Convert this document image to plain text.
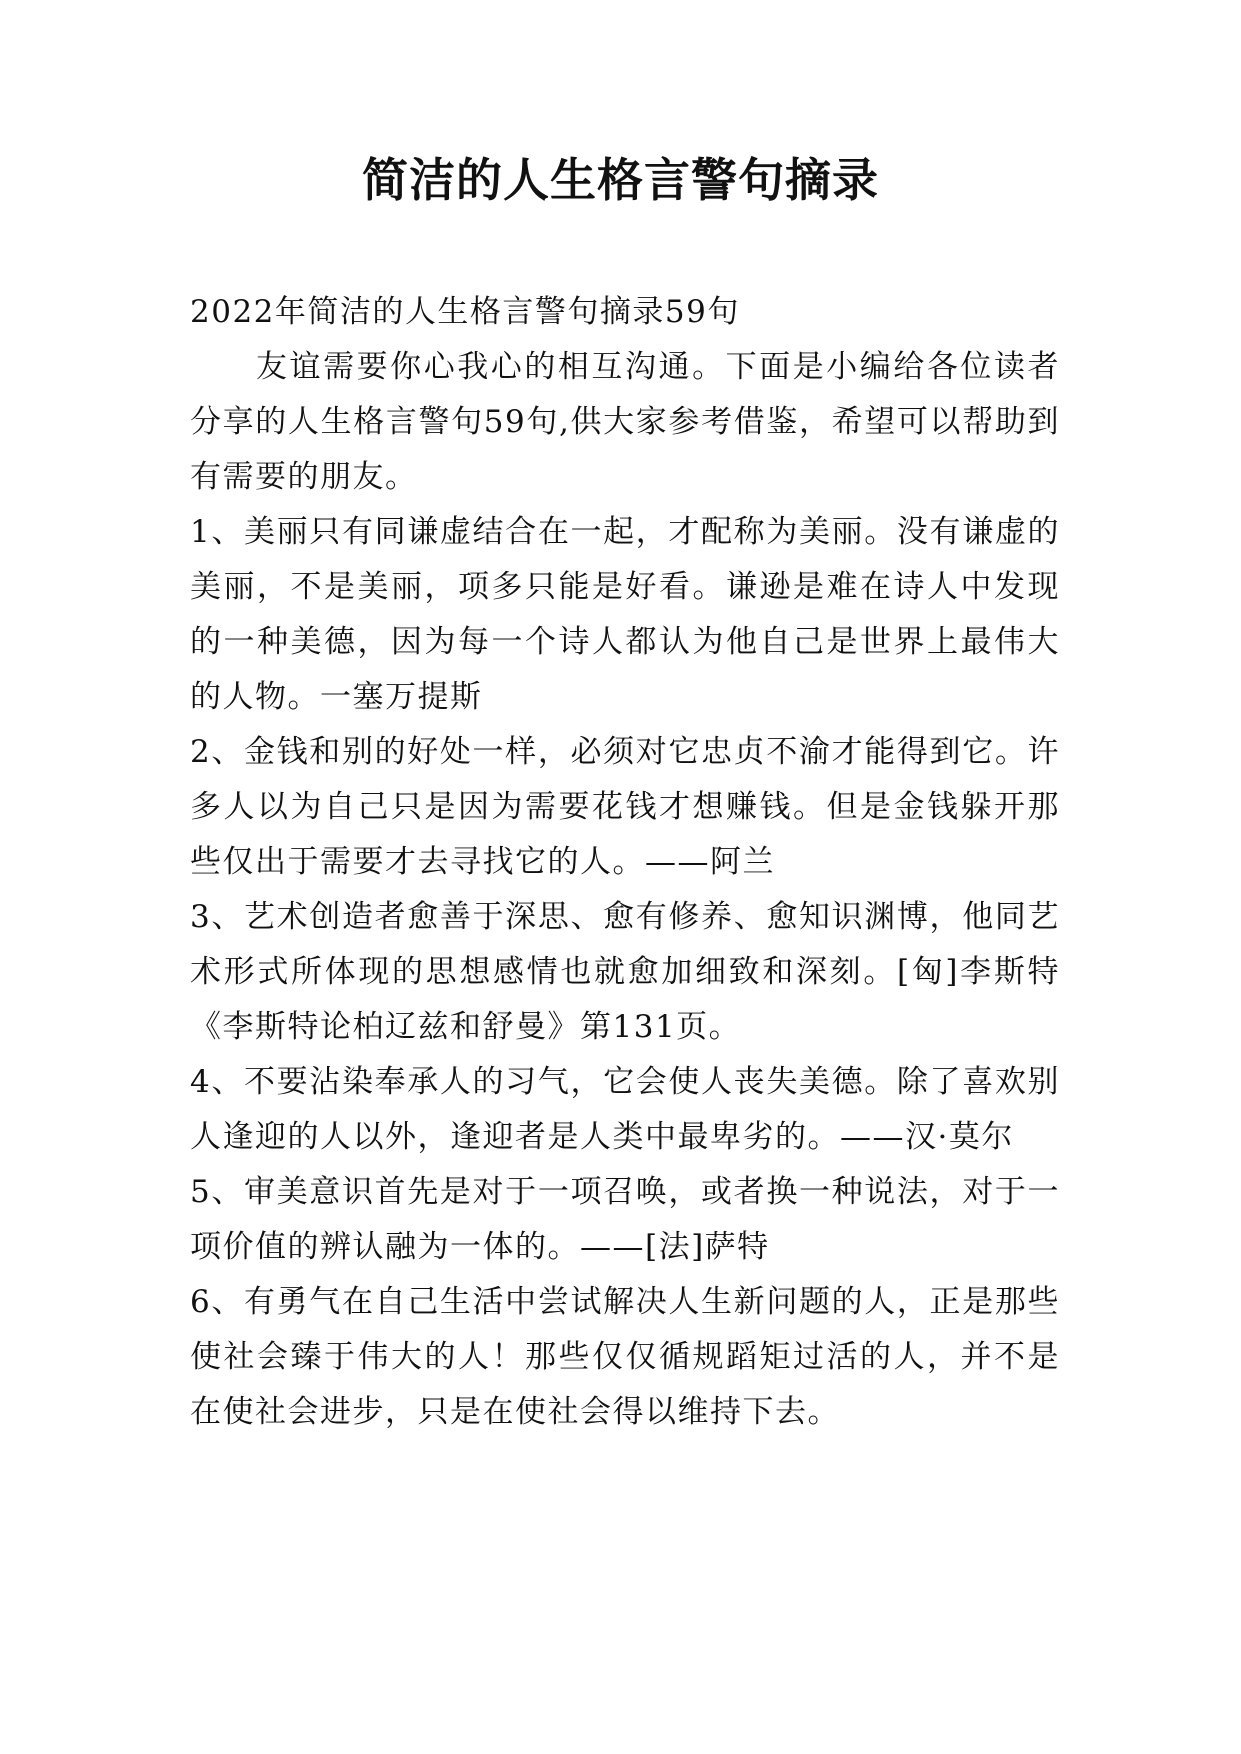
简洁的人生格言警句摘录

2022年简洁的人生格言警句摘录59句

友谊需要你心我心的相互沟通。下面是小编给各位读者分享的人生格言警句59句,供大家参考借鉴，希望可以帮助到有需要的朋友。

1、美丽只有同谦虚结合在一起，才配称为美丽。没有谦虚的美丽，不是美丽，项多只能是好看。谦逊是难在诗人中发现的一种美德，因为每一个诗人都认为他自己是世界上最伟大的人物。一塞万提斯

2、金钱和别的好处一样，必须对它忠贞不渝才能得到它。许多人以为自己只是因为需要花钱才想赚钱。但是金钱躲开那些仅出于需要才去寻找它的人。——阿兰

3、艺术创造者愈善于深思、愈有修养、愈知识渊博，他同艺术形式所体现的思想感情也就愈加细致和深刻。[匈]李斯特《李斯特论柏辽兹和舒曼》第131页。

4、不要沾染奉承人的习气，它会使人丧失美德。除了喜欢别人逢迎的人以外，逢迎者是人类中最卑劣的。——汉·莫尔

5、审美意识首先是对于一项召唤，或者换一种说法，对于一项价值的辨认融为一体的。——[法]萨特

6、有勇气在自己生活中尝试解决人生新问题的人，正是那些使社会臻于伟大的人！那些仅仅循规蹈矩过活的人，并不是在使社会进步，只是在使社会得以维持下去。
